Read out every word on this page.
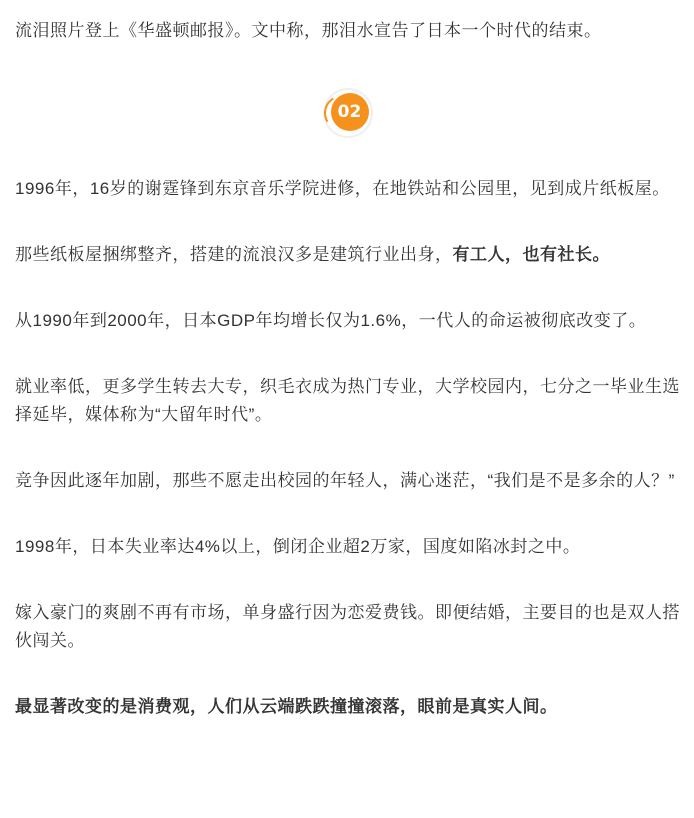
流泪照片登上《华盛顿邮报》。文中称，那泪水宣告了日本一个时代的结束。

02

1996年，16岁的谢霆锋到东京音乐学院进修，在地铁站和公园里，见到成片纸板屋。

那些纸板屋捆绑整齐，搭建的流浪汉多是建筑行业出身，有工人，也有社长。

从1990年到2000年，日本GDP年均增长仅为1.6%，一代人的命运被彻底改变了。

就业率低，更多学生转去大专，织毛衣成为热门专业，大学校园内，七分之一毕业生选择延毕，媒体称为“大留年时代”。

竞争因此逐年加剧，那些不愿走出校园的年轻人，满心迷茫，“我们是不是多余的人？”

1998年，日本失业率达4%以上，倒闭企业超2万家，国度如陷冰封之中。

嫁入豪门的爽剧不再有市场，单身盛行因为恋爱费钱。即便结婚，主要目的也是双人搭伙闯关。

最显著改变的是消费观，人们从云端跌跌撞撞滚落，眼前是真实人间。
